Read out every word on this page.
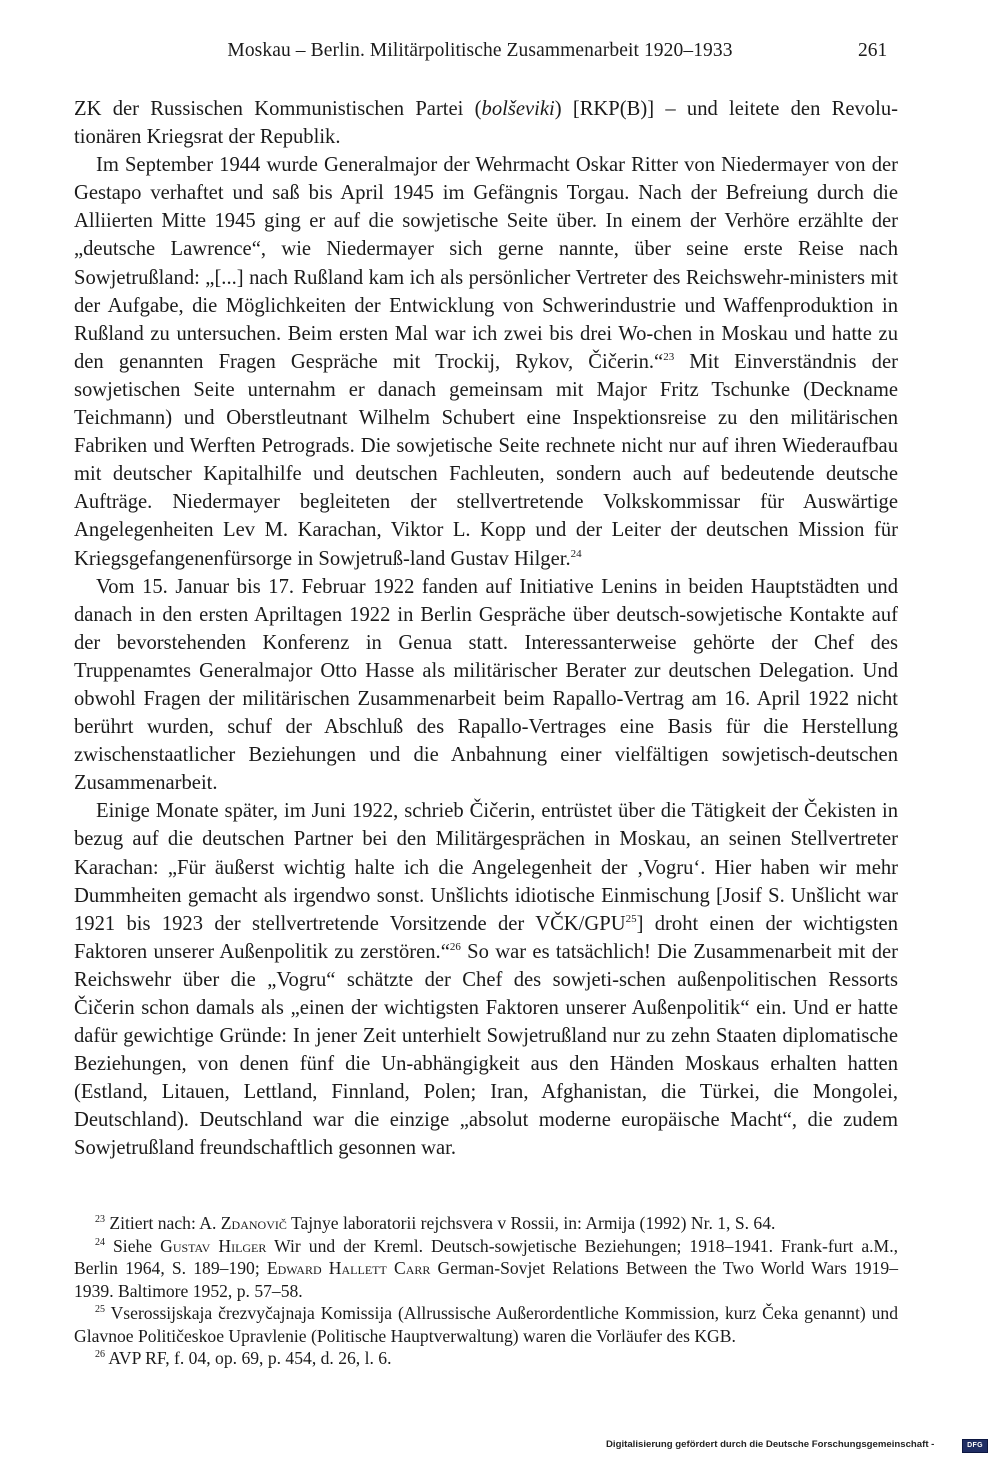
Moskau – Berlin. Militärpolitische Zusammenarbeit 1920–1933	261

ZK der Russischen Kommunistischen Partei (bolševiki) [RKP(B)] – und leitete den Revolu-tionären Kriegsrat der Republik.

Im September 1944 wurde Generalmajor der Wehrmacht Oskar Ritter von Niedermayer von der Gestapo verhaftet und saß bis April 1945 im Gefängnis Torgau. Nach der Befreiung durch die Alliierten Mitte 1945 ging er auf die sowjetische Seite über. In einem der Verhöre erzählte der „deutsche Lawrence“, wie Niedermayer sich gerne nannte, über seine erste Reise nach Sowjetrußland: „[...] nach Rußland kam ich als persönlicher Vertreter des Reichswehr-ministers mit der Aufgabe, die Möglichkeiten der Entwicklung von Schwerindustrie und Waffenproduktion in Rußland zu untersuchen. Beim ersten Mal war ich zwei bis drei Wo-chen in Moskau und hatte zu den genannten Fragen Gespräche mit Trockij, Rykov, Čičerin.“$^{23}$ Mit Einverständnis der sowjetischen Seite unternahm er danach gemeinsam mit Major Fritz Tschunke (Deckname Teichmann) und Oberstleutnant Wilhelm Schubert eine Inspektionsreise zu den militärischen Fabriken und Werften Petrograds. Die sowjetische Seite rechnete nicht nur auf ihren Wiederaufbau mit deutscher Kapitalhilfe und deutschen Fachleuten, sondern auch auf bedeutende deutsche Aufträge. Niedermayer begleiteten der stellvertretende Volkskommissar für Auswärtige Angelegenheiten Lev M. Karachan, Viktor L. Kopp und der Leiter der deutschen Mission für Kriegsgefangenenfürsorge in Sowjetruß-land Gustav Hilger.$^{24}$

Vom 15. Januar bis 17. Februar 1922 fanden auf Initiative Lenins in beiden Hauptstädten und danach in den ersten Apriltagen 1922 in Berlin Gespräche über deutsch-sowjetische Kontakte auf der bevorstehenden Konferenz in Genua statt. Interessanterweise gehörte der Chef des Truppenamtes Generalmajor Otto Hasse als militärischer Berater zur deutschen Delegation. Und obwohl Fragen der militärischen Zusammenarbeit beim Rapallo-Vertrag am 16. April 1922 nicht berührt wurden, schuf der Abschluß des Rapallo-Vertrages eine Basis für die Herstellung zwischenstaatlicher Beziehungen und die Anbahnung einer vielfältigen sowjetisch-deutschen Zusammenarbeit.

Einige Monate später, im Juni 1922, schrieb Čičerin, entrüstet über die Tätigkeit der Čekisten in bezug auf die deutschen Partner bei den Militärgesprächen in Moskau, an seinen Stellvertreter Karachan: „Für äußerst wichtig halte ich die Angelegenheit der ‚Vogru‘. Hier haben wir mehr Dummheiten gemacht als irgendwo sonst. Unšlichts idiotische Einmischung [Josif S. Unšlicht war 1921 bis 1923 der stellvertretende Vorsitzende der VČK/GPU$^{25}$] droht einen der wichtigsten Faktoren unserer Außenpolitik zu zerstören.“$^{26}$ So war es tatsächlich! Die Zusammenarbeit mit der Reichswehr über die „Vogru“ schätzte der Chef des sowjeti-schen außenpolitischen Ressorts Čičerin schon damals als „einen der wichtigsten Faktoren unserer Außenpolitik“ ein. Und er hatte dafür gewichtige Gründe: In jener Zeit unterhielt Sowjetrußland nur zu zehn Staaten diplomatische Beziehungen, von denen fünf die Un-abhängigkeit aus den Händen Moskaus erhalten hatten (Estland, Litauen, Lettland, Finnland, Polen; Iran, Afghanistan, die Türkei, die Mongolei, Deutschland). Deutschland war die einzige „absolut moderne europäische Macht“, die zudem Sowjetrußland freundschaftlich gesonnen war.

$^{23}$ Zitiert nach: A. Zdanovič Tajnye laboratorii rejchsvera v Rossii, in: Armija (1992) Nr. 1, S. 64.

$^{24}$ Siehe Gustav Hilger Wir und der Kreml. Deutsch-sowjetische Beziehungen; 1918–1941. Frank-furt a.M., Berlin 1964, S. 189–190; Edward Hallett Carr German-Sovjet Relations Between the Two World Wars 1919–1939. Baltimore 1952, p. 57–58.

$^{25}$ Vserossijskaja črezvyčajnaja Komissija (Allrussische Außerordentliche Kommission, kurz Čeka genannt) und Glavnoe Političeskoe Upravlenie (Politische Hauptverwaltung) waren die Vorläufer des KGB.

$^{26}$ AVP RF, f. 04, op. 69, p. 454, d. 26, l. 6.

Digitalisierung gefördert durch die Deutsche Forschungsgemeinschaft -	DFG
